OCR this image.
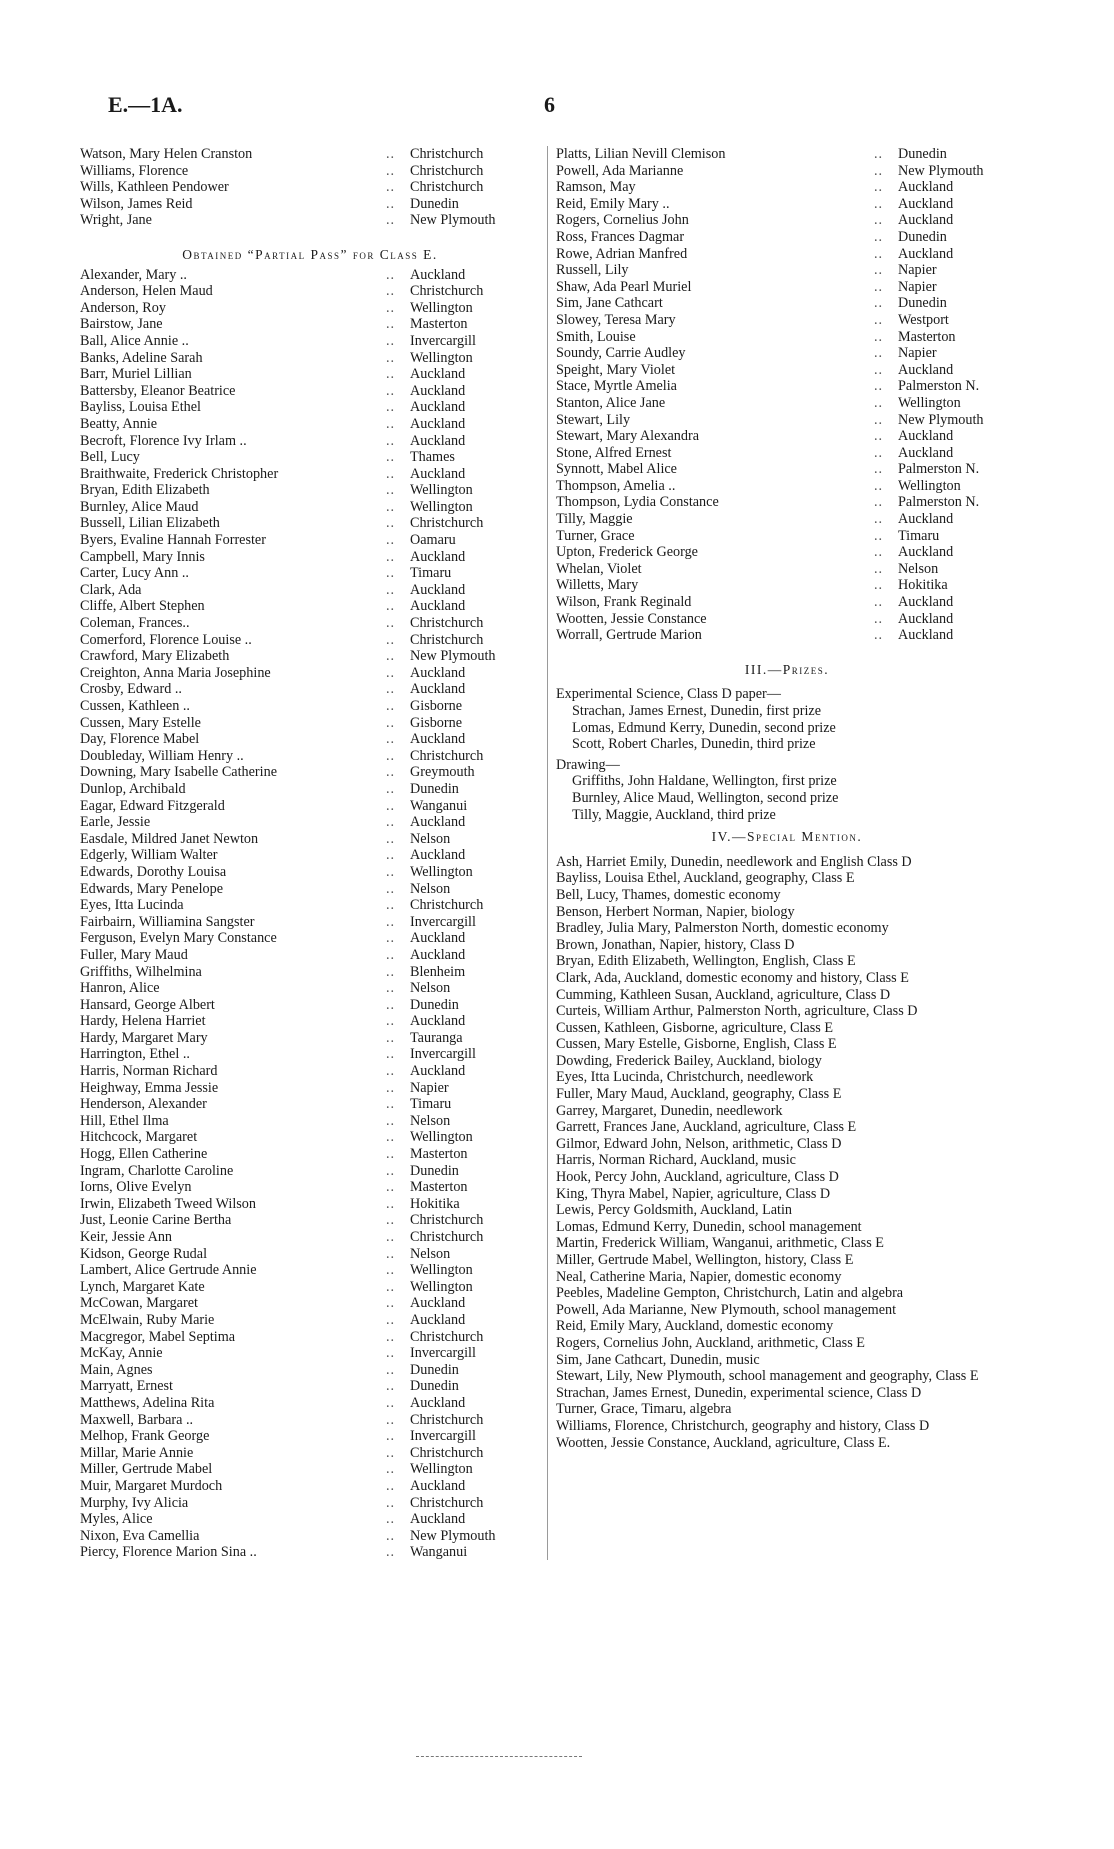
E.—1A.	6
Watson, Mary Helen Cranston	..	Christchurch
Williams, Florence	..	Christchurch
Wills, Kathleen Pendower	..	Christchurch
Wilson, James Reid	..	Dunedin
Wright, Jane	..	New Plymouth
Obtained “Partial Pass” for Class E.
Alexander, Mary ..	..	Auckland
Anderson, Helen Maud	..	Christchurch
Anderson, Roy	..	Wellington
Bairstow, Jane	..	Masterton
Ball, Alice Annie ..	..	Invercargill
Banks, Adeline Sarah	..	Wellington
Barr, Muriel Lillian	..	Auckland
Battersby, Eleanor Beatrice	..	Auckland
Bayliss, Louisa Ethel	..	Auckland
Beatty, Annie	..	Auckland
Becroft, Florence Ivy Irlam ..	..	Auckland
Bell, Lucy	..	Thames
Braithwaite, Frederick Christopher	..	Auckland
Bryan, Edith Elizabeth	..	Wellington
Burnley, Alice Maud	..	Wellington
Bussell, Lilian Elizabeth	..	Christchurch
Byers, Evaline Hannah Forrester	..	Oamaru
Campbell, Mary Innis	..	Auckland
Carter, Lucy Ann ..	..	Timaru
Clark, Ada	..	Auckland
Cliffe, Albert Stephen	..	Auckland
Coleman, Frances..	..	Christchurch
Comerford, Florence Louise ..	..	Christchurch
Crawford, Mary Elizabeth	..	New Plymouth
Creighton, Anna Maria Josephine	..	Auckland
Crosby, Edward ..	..	Auckland
Cussen, Kathleen ..	..	Gisborne
Cussen, Mary Estelle	..	Gisborne
Day, Florence Mabel	..	Auckland
Doubleday, William Henry ..	..	Christchurch
Downing, Mary Isabelle Catherine	..	Greymouth
Dunlop, Archibald	..	Dunedin
Eagar, Edward Fitzgerald	..	Wanganui
Earle, Jessie	..	Auckland
Easdale, Mildred Janet Newton	..	Nelson
Edgerly, William Walter	..	Auckland
Edwards, Dorothy Louisa	..	Wellington
Edwards, Mary Penelope	..	Nelson
Eyes, Itta Lucinda	..	Christchurch
Fairbairn, Williamina Sangster	..	Invercargill
Ferguson, Evelyn Mary Constance	..	Auckland
Fuller, Mary Maud	..	Auckland
Griffiths, Wilhelmina	..	Blenheim
Hanron, Alice	..	Nelson
Hansard, George Albert	..	Dunedin
Hardy, Helena Harriet	..	Auckland
Hardy, Margaret Mary	..	Tauranga
Harrington, Ethel ..	..	Invercargill
Harris, Norman Richard	..	Auckland
Heighway, Emma Jessie	..	Napier
Henderson, Alexander	..	Timaru
Hill, Ethel Ilma	..	Nelson
Hitchcock, Margaret	..	Wellington
Hogg, Ellen Catherine	..	Masterton
Ingram, Charlotte Caroline	..	Dunedin
Iorns, Olive Evelyn	..	Masterton
Irwin, Elizabeth Tweed Wilson	..	Hokitika
Just, Leonie Carine Bertha	..	Christchurch
Keir, Jessie Ann	..	Christchurch
Kidson, George Rudal	..	Nelson
Lambert, Alice Gertrude Annie	..	Wellington
Lynch, Margaret Kate	..	Wellington
McCowan, Margaret	..	Auckland
McElwain, Ruby Marie	..	Auckland
Macgregor, Mabel Septima	..	Christchurch
McKay, Annie	..	Invercargill
Main, Agnes	..	Dunedin
Marryatt, Ernest	..	Dunedin
Matthews, Adelina Rita	..	Auckland
Maxwell, Barbara ..	..	Christchurch
Melhop, Frank George	..	Invercargill
Millar, Marie Annie	..	Christchurch
Miller, Gertrude Mabel	..	Wellington
Muir, Margaret Murdoch	..	Auckland
Murphy, Ivy Alicia	..	Christchurch
Myles, Alice	..	Auckland
Nixon, Eva Camellia	..	New Plymouth
Piercy, Florence Marion Sina ..	..	Wanganui
Platts, Lilian Nevill Clemison	..	Dunedin
Powell, Ada Marianne	..	New Plymouth
Ramson, May	..	Auckland
Reid, Emily Mary ..	..	Auckland
Rogers, Cornelius John	..	Auckland
Ross, Frances Dagmar	..	Dunedin
Rowe, Adrian Manfred	..	Auckland
Russell, Lily	..	Napier
Shaw, Ada Pearl Muriel	..	Napier
Sim, Jane Cathcart	..	Dunedin
Slowey, Teresa Mary	..	Westport
Smith, Louise	..	Masterton
Soundy, Carrie Audley	..	Napier
Speight, Mary Violet	..	Auckland
Stace, Myrtle Amelia	..	Palmerston N.
Stanton, Alice Jane	..	Wellington
Stewart, Lily	..	New Plymouth
Stewart, Mary Alexandra	..	Auckland
Stone, Alfred Ernest	..	Auckland
Synnott, Mabel Alice	..	Palmerston N.
Thompson, Amelia ..	..	Wellington
Thompson, Lydia Constance	..	Palmerston N.
Tilly, Maggie	..	Auckland
Turner, Grace	..	Timaru
Upton, Frederick George	..	Auckland
Whelan, Violet	..	Nelson
Willetts, Mary	..	Hokitika
Wilson, Frank Reginald	..	Auckland
Wootten, Jessie Constance	..	Auckland
Worrall, Gertrude Marion	..	Auckland
III.—Prizes.
Experimental Science, Class D paper—
Strachan, James Ernest, Dunedin, first prize
Lomas, Edmund Kerry, Dunedin, second prize
Scott, Robert Charles, Dunedin, third prize
Drawing—
Griffiths, John Haldane, Wellington, first prize
Burnley, Alice Maud, Wellington, second prize
Tilly, Maggie, Auckland, third prize
IV.—Special Mention.
Ash, Harriet Emily, Dunedin, needlework and English Class D
Bayliss, Louisa Ethel, Auckland, geography, Class E
Bell, Lucy, Thames, domestic economy
Benson, Herbert Norman, Napier, biology
Bradley, Julia Mary, Palmerston North, domestic economy
Brown, Jonathan, Napier, history, Class D
Bryan, Edith Elizabeth, Wellington, English, Class E
Clark, Ada, Auckland, domestic economy and history, Class E
Cumming, Kathleen Susan, Auckland, agriculture, Class D
Curteis, William Arthur, Palmerston North, agriculture, Class D
Cussen, Kathleen, Gisborne, agriculture, Class E
Cussen, Mary Estelle, Gisborne, English, Class E
Dowding, Frederick Bailey, Auckland, biology
Eyes, Itta Lucinda, Christchurch, needlework
Fuller, Mary Maud, Auckland, geography, Class E
Garrey, Margaret, Dunedin, needlework
Garrett, Frances Jane, Auckland, agriculture, Class E
Gilmor, Edward John, Nelson, arithmetic, Class D
Harris, Norman Richard, Auckland, music
Hook, Percy John, Auckland, agriculture, Class D
King, Thyra Mabel, Napier, agriculture, Class D
Lewis, Percy Goldsmith, Auckland, Latin
Lomas, Edmund Kerry, Dunedin, school management
Martin, Frederick William, Wanganui, arithmetic, Class E
Miller, Gertrude Mabel, Wellington, history, Class E
Neal, Catherine Maria, Napier, domestic economy
Peebles, Madeline Gempton, Christchurch, Latin and algebra
Powell, Ada Marianne, New Plymouth, school management
Reid, Emily Mary, Auckland, domestic economy
Rogers, Cornelius John, Auckland, arithmetic, Class E
Sim, Jane Cathcart, Dunedin, music
Stewart, Lily, New Plymouth, school management and geography, Class E
Strachan, James Ernest, Dunedin, experimental science, Class D
Turner, Grace, Timaru, algebra
Williams, Florence, Christchurch, geography and history, Class D
Wootten, Jessie Constance, Auckland, agriculture, Class E.
